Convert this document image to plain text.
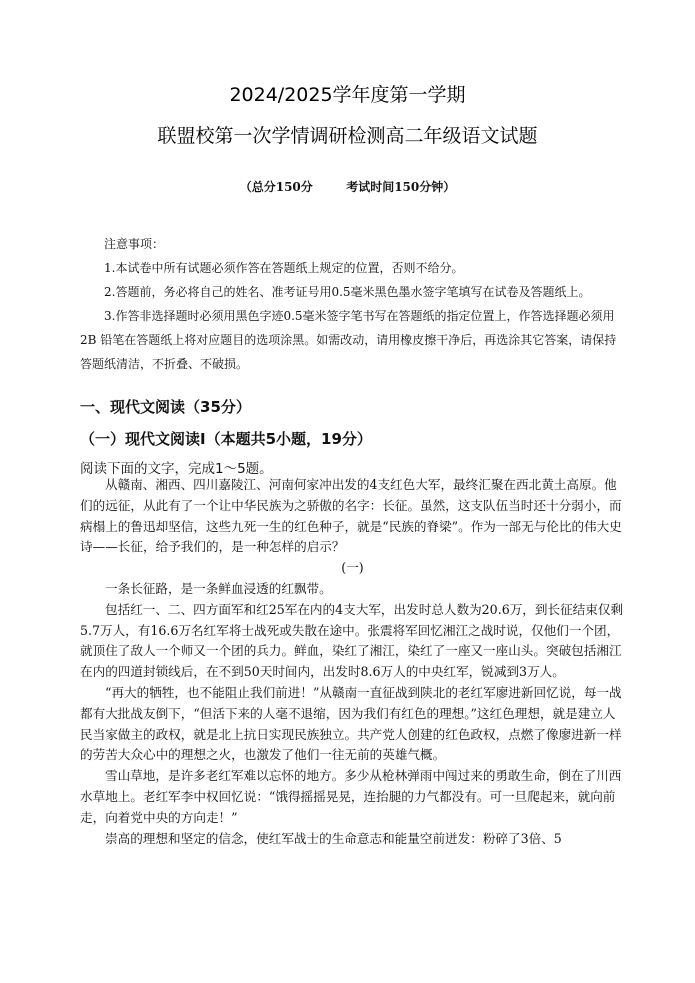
2024/2025学年度第一学期
联盟校第一次学情调研检测高二年级语文试题
（总分150分        考试时间150分钟）

注意事项：

1.本试卷中所有试题必须作答在答题纸上规定的位置，否则不给分。

2.答题前，务必将自己的姓名、准考证号用0.5毫米黑色墨水签字笔填写在试卷及答题纸上。

3.作答非选择题时必须用黑色字迹0.5毫米签字笔书写在答题纸的指定位置上，作答选择题必须用 2B 铅笔在答题纸上将对应题目的选项涂黑。如需改动，请用橡皮擦干净后，再选涂其它答案，请保持答题纸清洁，不折叠、不破损。

一、现代文阅读（35分）
（一）现代文阅读Ⅰ（本题共5小题，19分）
阅读下面的文字，完成1～5题。

从赣南、湘西、四川嘉陵江、河南何家冲出发的4支红色大军，最终汇聚在西北黄土高原。他们的远征，从此有了一个让中华民族为之骄傲的名字：长征。虽然，这支队伍当时还十分弱小，而病榻上的鲁迅却坚信，这些九死一生的红色种子，就是“民族的脊梁”。作为一部无与伦比的伟大史诗——长征，给予我们的，是一种怎样的启示？

(一)

一条长征路，是一条鲜血浸透的红飘带。

包括红一、二、四方面军和红25军在内的4支大军，出发时总人数为20.6万，到长征结束仅剩5.7万人，有16.6万名红军将士战死或失散在途中。张震将军回忆湘江之战时说，仅他们一个团，就顶住了敌人一个师又一个团的兵力。鲜血，染红了湘江，染红了一座又一座山头。突破包括湘江在内的四道封锁线后，在不到50天时间内，出发时8.6万人的中央红军，锐减到3万人。

“再大的牺牲，也不能阻止我们前进！”从赣南一直征战到陕北的老红军廖进新回忆说，每一战都有大批战友倒下，“但活下来的人毫不退缩，因为我们有红色的理想。”这红色理想，就是建立人民当家做主的政权，就是北上抗日实现民族独立。共产党人创建的红色政权，点燃了像廖进新一样的劳苦大众心中的理想之火，也激发了他们一往无前的英雄气概。

雪山草地，是许多老红军难以忘怀的地方。多少从枪林弹雨中闯过来的勇敢生命，倒在了川西水草地上。老红军李中权回忆说：“饿得摇摇晃晃，连抬腿的力气都没有。可一旦爬起来，就向前走，向着党中央的方向走！”

崇高的理想和坚定的信念，使红军战士的生命意志和能量空前迸发：粉碎了3倍、5
